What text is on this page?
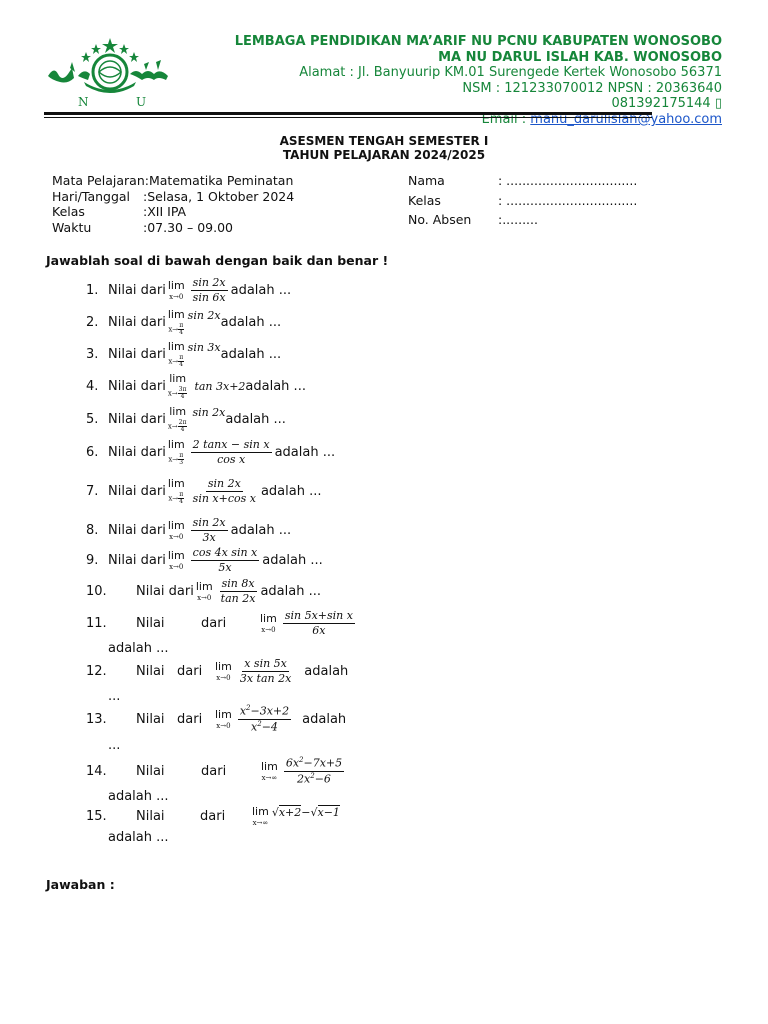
N	U
LEMBAGA PENDIDIKAN MA’ARIF NU PCNU KABUPATEN WONOSOBO
MA NU DARUL ISLAH KAB. WONOSOBO
Alamat : Jl. Banyuurip KM.01 Surengede Kertek Wonosobo 56371
NSM : 121233070012 NPSN : 20363640
081392175144 ▯
Email : manu_darulislah@yahoo.com
ASESMEN TENGAH SEMESTER I
TAHUN PELAJARAN 2024/2025
Mata Pelajaran : Matematika Peminatan
Hari/Tanggal	: Selasa, 1 Oktober 2024
Kelas	: XII IPA
Waktu	: 07.30 – 09.00
Nama	: .................................
Kelas	: .................................
No. Absen	:.........
Jawablah soal di bawah dengan baik dan benar !
1. Nilai dari lim
$x\to 0 \frac{\sin 2x}{\sin 6x}$ adalah ...
2. Nilai dari
lim
$x\to \frac{\pi}{4}$
sin 2x adalah ...
3. Nilai dari
lim
$x\to \frac{\pi}{4}$
sin 3x adalah ...
4. Nilai dari
lim
$x\to \frac{3\pi}{4}$
tan 3x+2 adalah ...
5. Nilai dari
lim
$x\to \frac{2\pi}{4}$
sin 2x adalah ...
6. Nilai dari
lim
$x\to \frac{\pi}{3} \frac{\text{2 tanx − sin x}}{\text{cos x}}$ adalah ...
7. Nilai dari
lim
$x\to \frac{\pi}{4} \frac{\sin 2x}{\text{sin x+cos x}}$ adalah ...
8. Nilai dari lim
$x\to 0 \frac{\sin 2x}{3x}$ adalah ...
9. Nilai dari lim
$x\to 0 \frac{\text{cos 4x sin x}}{5x}$ adalah ...
10.	Nilai dari lim
$x\to 0 \frac{\sin 8x}{\tan 2x}$ adalah ...
11.	Nilai	dari	lim
$x\to 0 \frac{\text{sin 5x+sin x}}{6x}$
adalah ...
12.	Nilai dari	lim
$x\to 0 \frac{\text{x sin 5x}}{\text{3x tan 2x}}$ adalah
...
13.	Nilai dari	lim
$x\to 0 \frac{x^2-3x+2}{x^2-4}$ adalah
...
14.	Nilai	dari	lim
$x\to\infty \frac{6x^2-7x+5}{2x^2-6}$
adalah ...
15.	Nilai	dari	lim
x→∞
√x+2−√x−1
adalah ...
Jawaban :
